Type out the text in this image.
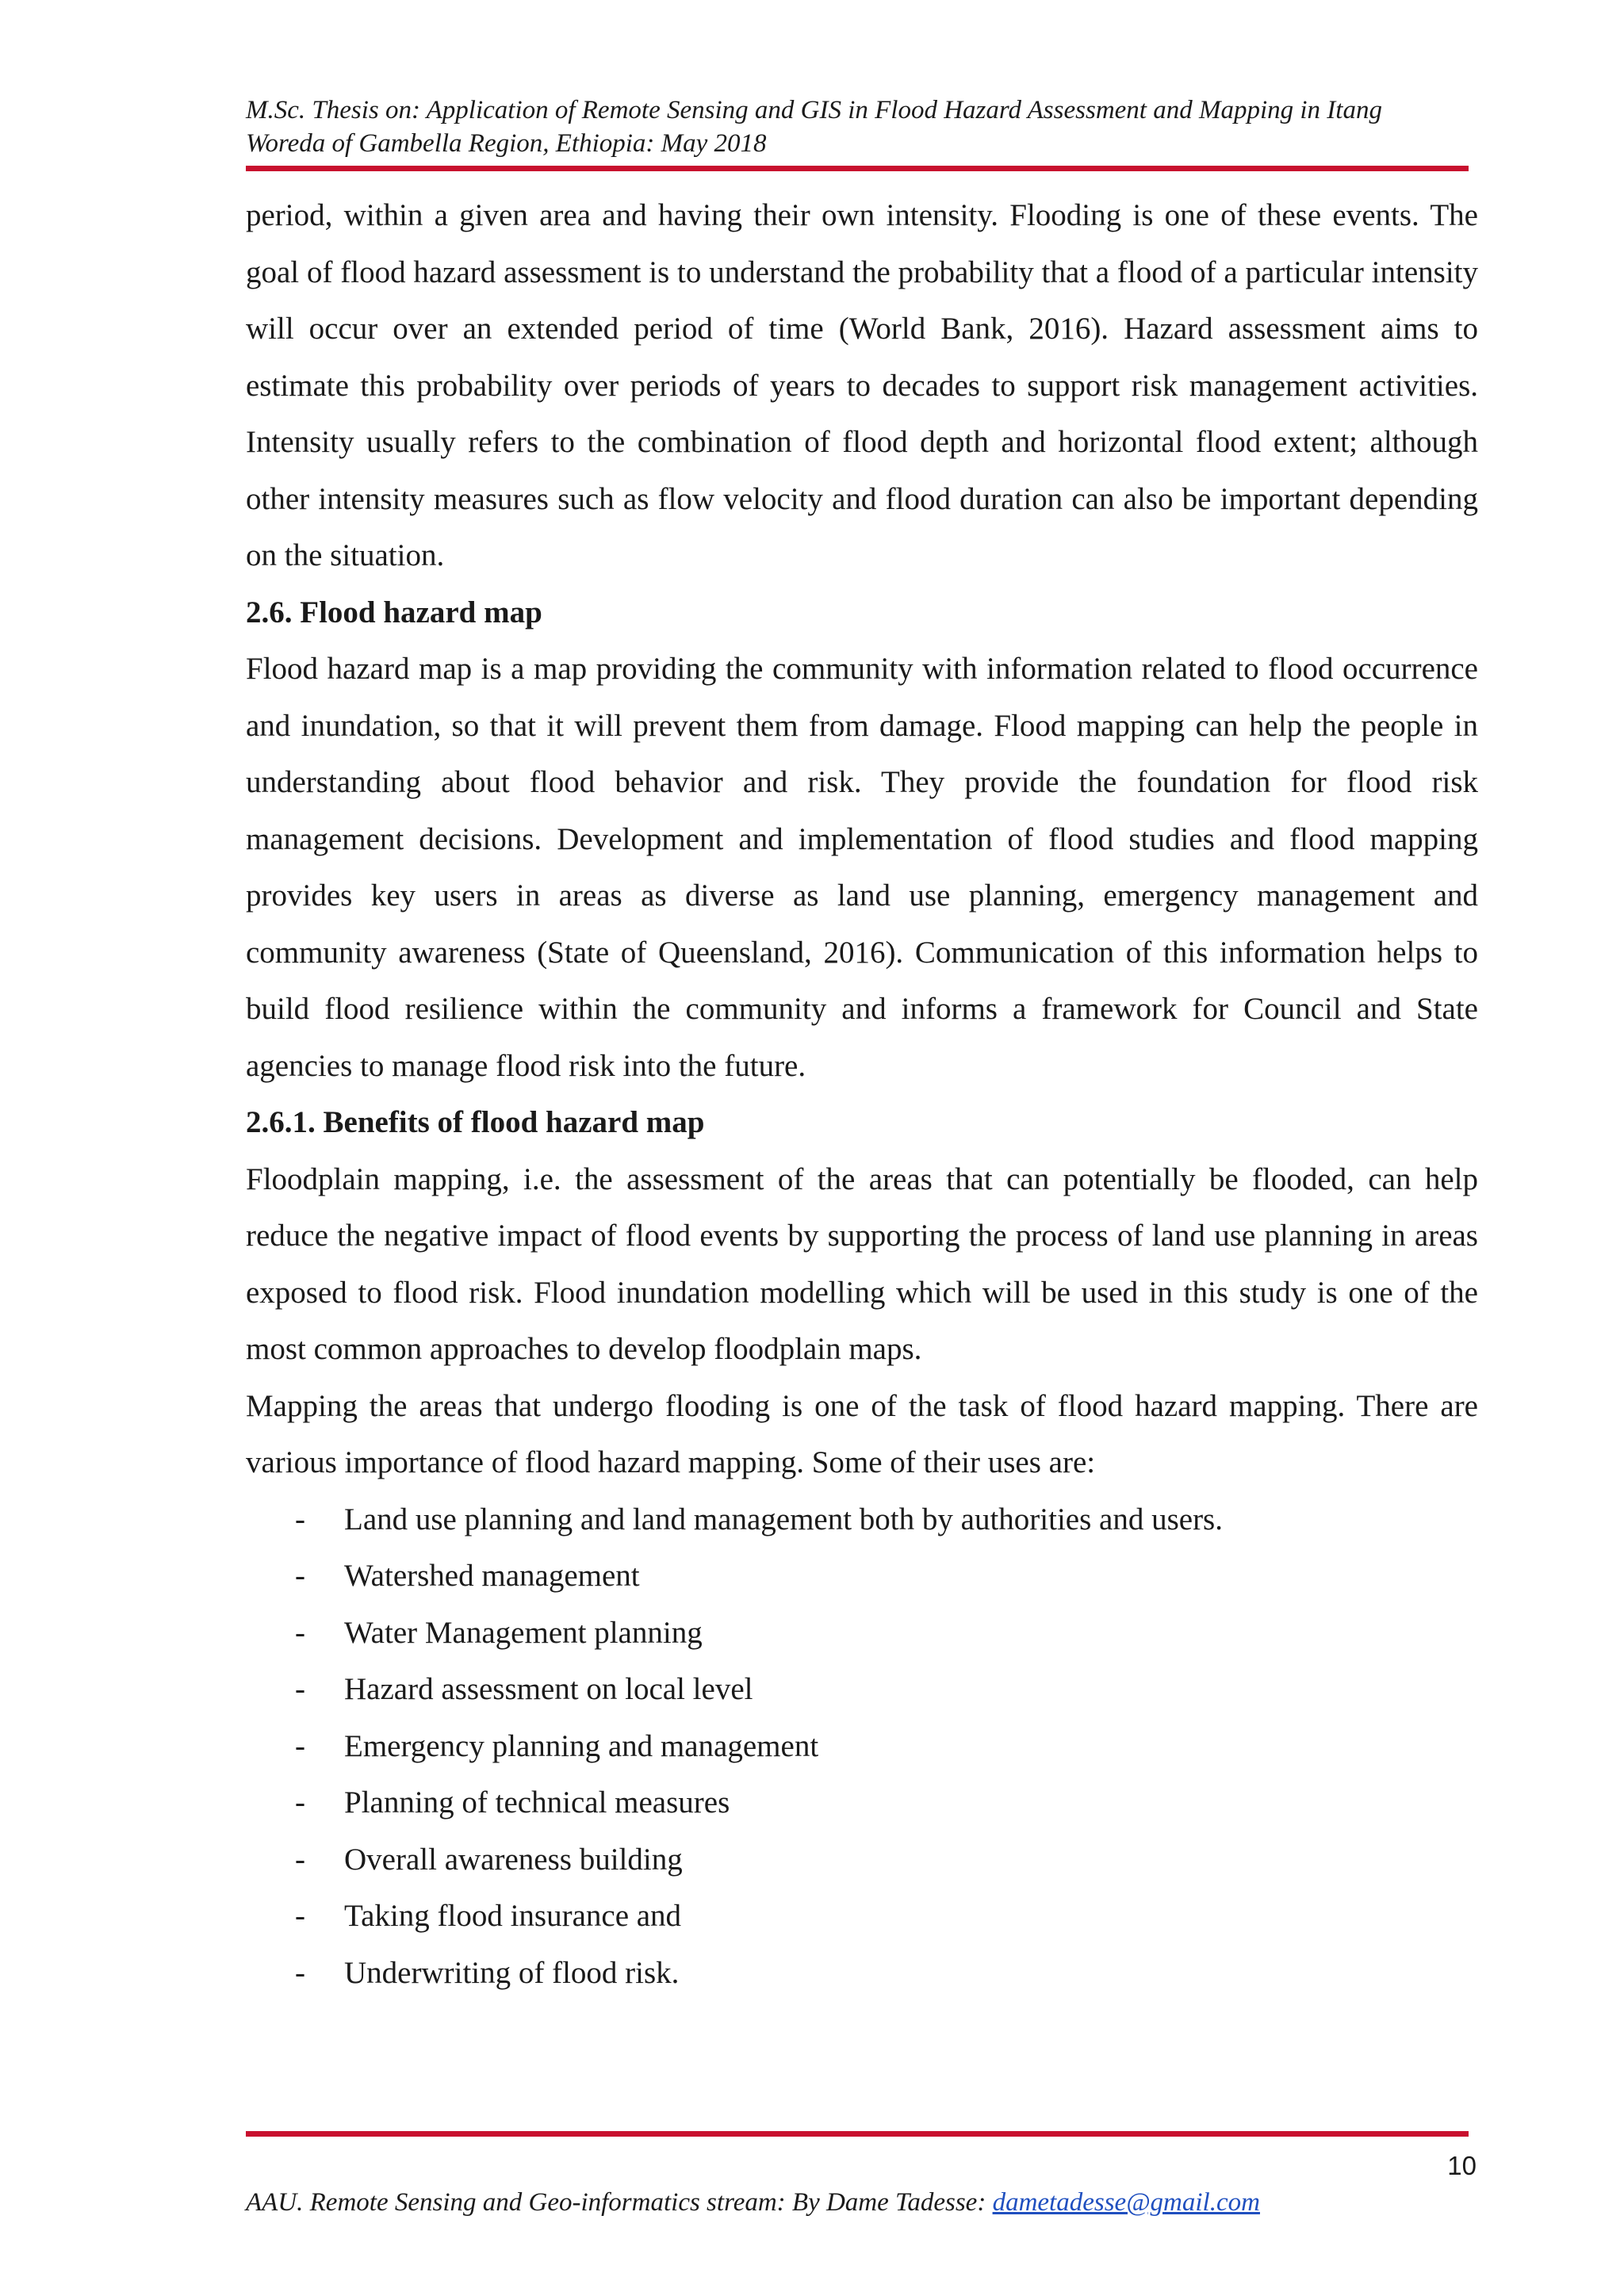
M.Sc. Thesis on: Application of Remote Sensing and GIS in Flood Hazard Assessment and Mapping in Itang
Woreda of Gambella Region, Ethiopia: May 2018

period, within a given area and having their own intensity. Flooding is one of these events. The goal of flood hazard assessment is to understand the probability that a flood of a particular intensity will occur over an extended period of time (World Bank, 2016). Hazard assessment aims to estimate this probability over periods of years to decades to support risk management activities. Intensity usually refers to the combination of flood depth and horizontal flood extent; although other intensity measures such as flow velocity and flood duration can also be important depending on the situation.

2.6. Flood hazard map

Flood hazard map is a map providing the community with information related to flood occurrence and inundation, so that it will prevent them from damage. Flood mapping can help the people in understanding about flood behavior and risk. They provide the foundation for flood risk management decisions. Development and implementation of flood studies and flood mapping provides key users in areas as diverse as land use planning, emergency management and community awareness (State of Queensland, 2016). Communication of this information helps to build flood resilience within the community and informs a framework for Council and State agencies to manage flood risk into the future.

2.6.1. Benefits of flood hazard map

Floodplain mapping, i.e. the assessment of the areas that can potentially be flooded, can help reduce the negative impact of flood events by supporting the process of land use planning in areas exposed to flood risk. Flood inundation modelling which will be used in this study is one of the most common approaches to develop floodplain maps.

Mapping the areas that undergo flooding is one of the task of flood hazard mapping. There are various importance of flood hazard mapping. Some of their uses are:

- Land use planning and land management both by authorities and users.
- Watershed management
- Water Management planning
- Hazard assessment on local level
- Emergency planning and management
- Planning of technical measures
- Overall awareness building
- Taking flood insurance and
- Underwriting of flood risk.
10
AAU. Remote Sensing and Geo-informatics stream: By Dame Tadesse: dametadesse@gmail.com
